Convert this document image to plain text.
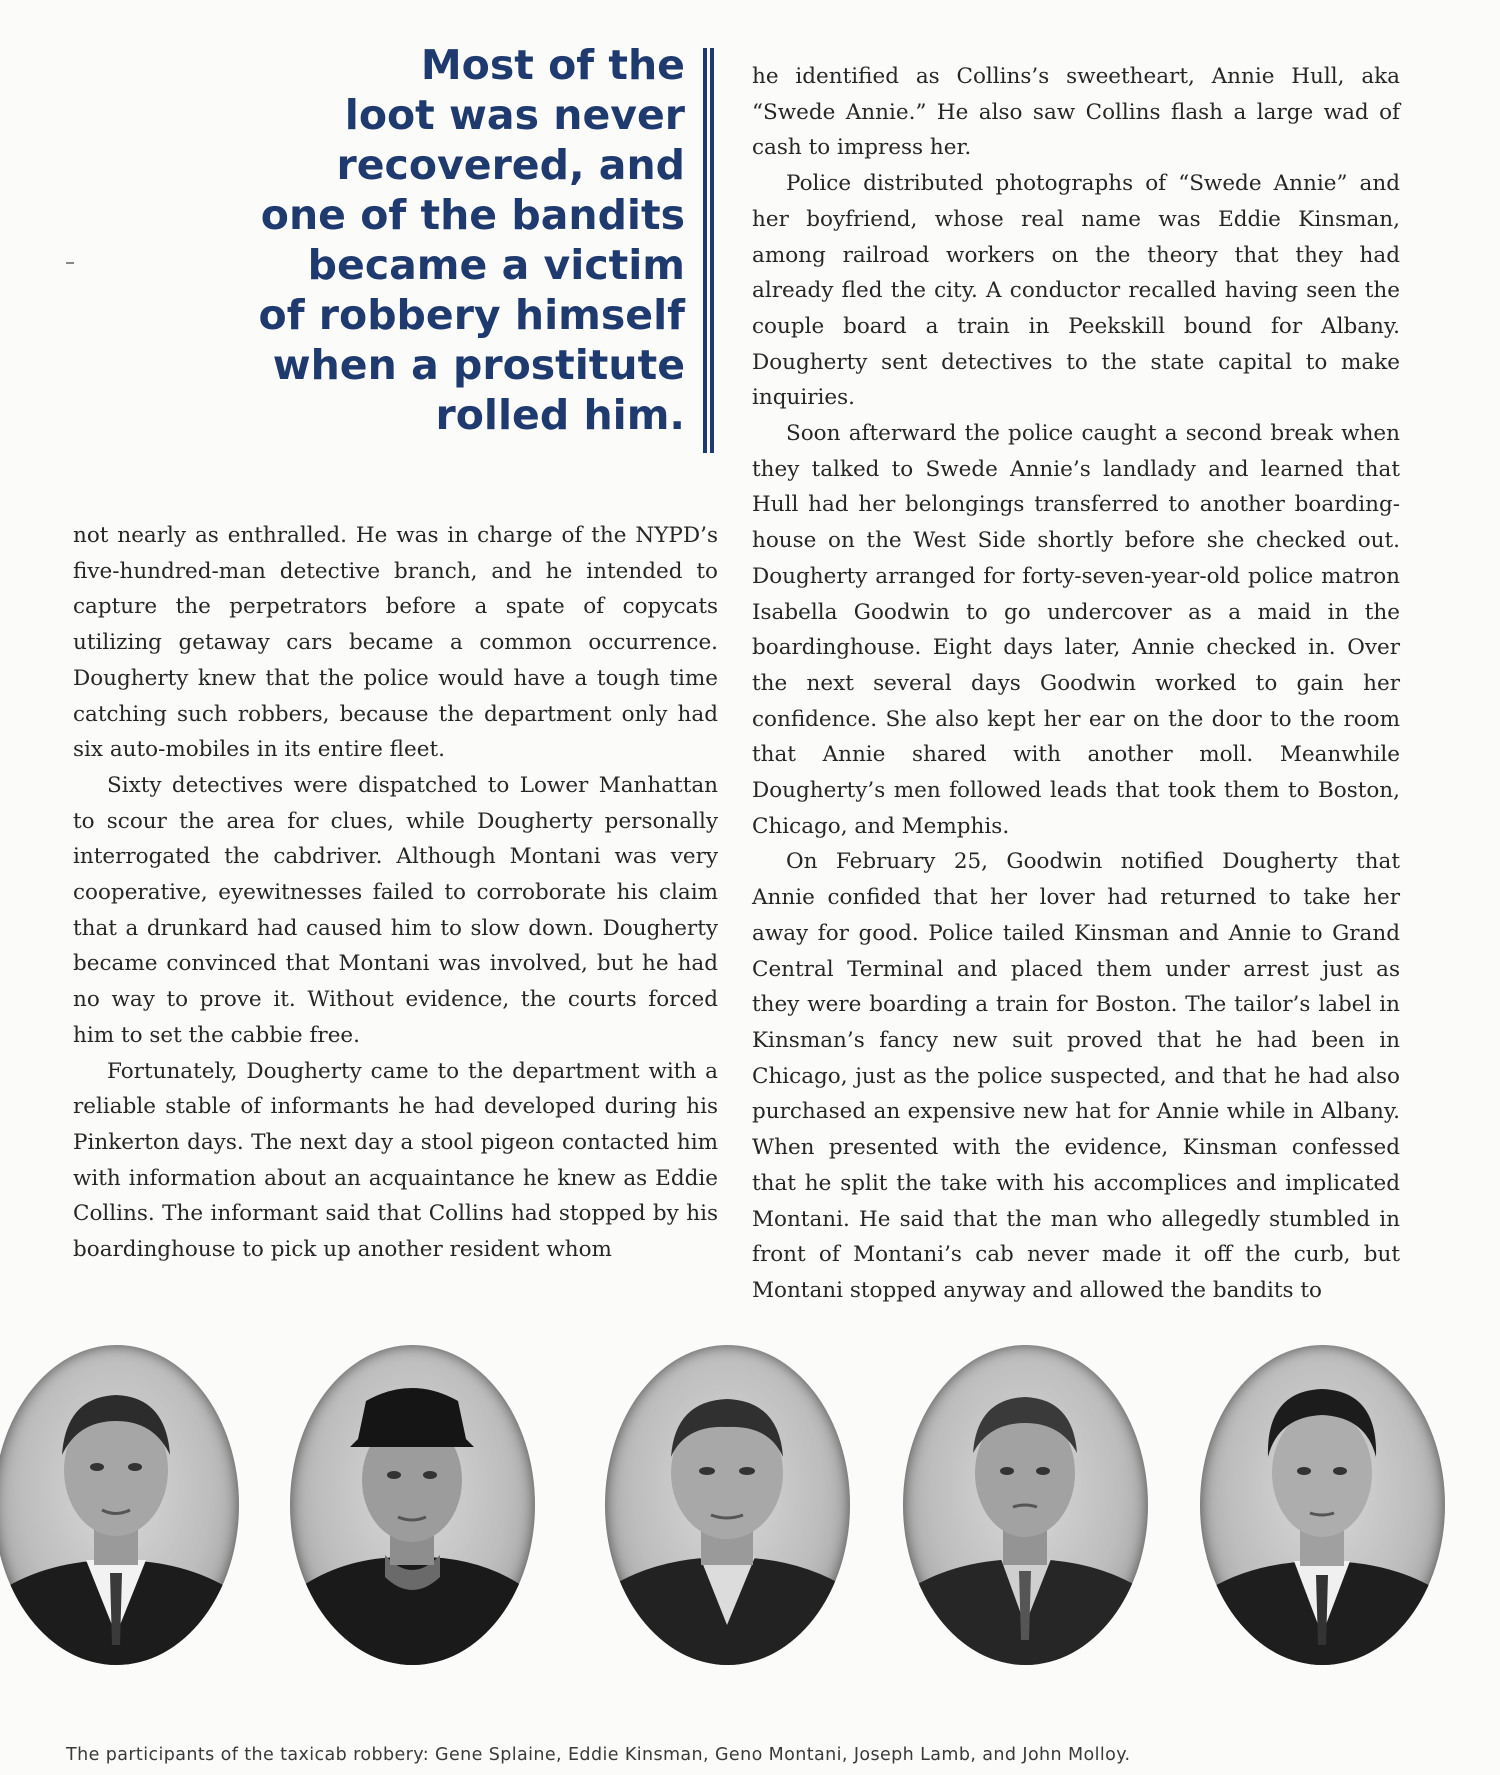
Most of the
loot was never
recovered, and
one of the bandits
became a victim
of robbery himself
when a prostitute
rolled him.

not nearly as enthralled. He was in charge of the NYPD’s five-hundred-man detective branch, and he intended to capture the perpetrators before a spate of copycats utilizing getaway cars became a common occurrence. Dougherty knew that the police would have a tough time catching such robbers, because the department only had six auto-mobiles in its entire fleet.

Sixty detectives were dispatched to Lower Manhattan to scour the area for clues, while Dougherty personally interrogated the cabdriver. Although Montani was very cooperative, eyewitnesses failed to corroborate his claim that a drunkard had caused him to slow down. Dougherty became convinced that Montani was involved, but he had no way to prove it. Without evidence, the courts forced him to set the cabbie free.

Fortunately, Dougherty came to the department with a reliable stable of informants he had developed during his Pinkerton days. The next day a stool pigeon contacted him with information about an acquaintance he knew as Eddie Collins. The informant said that Collins had stopped by his boardinghouse to pick up another resident whom

he identified as Collins’s sweetheart, Annie Hull, aka “Swede Annie.” He also saw Collins flash a large wad of cash to impress her.

Police distributed photographs of “Swede Annie” and her boyfriend, whose real name was Eddie Kinsman, among railroad workers on the theory that they had already fled the city. A conductor recalled having seen the couple board a train in Peekskill bound for Albany. Dougherty sent detectives to the state capital to make inquiries.

Soon afterward the police caught a second break when they talked to Swede Annie’s landlady and learned that Hull had her belongings transferred to another boarding-house on the West Side shortly before she checked out. Dougherty arranged for forty-seven-year-old police matron Isabella Goodwin to go undercover as a maid in the boardinghouse. Eight days later, Annie checked in. Over the next several days Goodwin worked to gain her confidence. She also kept her ear on the door to the room that Annie shared with another moll. Meanwhile Dougherty’s men followed leads that took them to Boston, Chicago, and Memphis.

On February 25, Goodwin notified Dougherty that Annie confided that her lover had returned to take her away for good. Police tailed Kinsman and Annie to Grand Central Terminal and placed them under arrest just as they were boarding a train for Boston. The tailor’s label in Kinsman’s fancy new suit proved that he had been in Chicago, just as the police suspected, and that he had also purchased an expensive new hat for Annie while in Albany. When presented with the evidence, Kinsman confessed that he split the take with his accomplices and implicated Montani. He said that the man who allegedly stumbled in front of Montani’s cab never made it off the curb, but Montani stopped anyway and allowed the bandits to

The participants of the taxicab robbery: Gene Splaine, Eddie Kinsman, Geno Montani, Joseph Lamb, and John Molloy.
